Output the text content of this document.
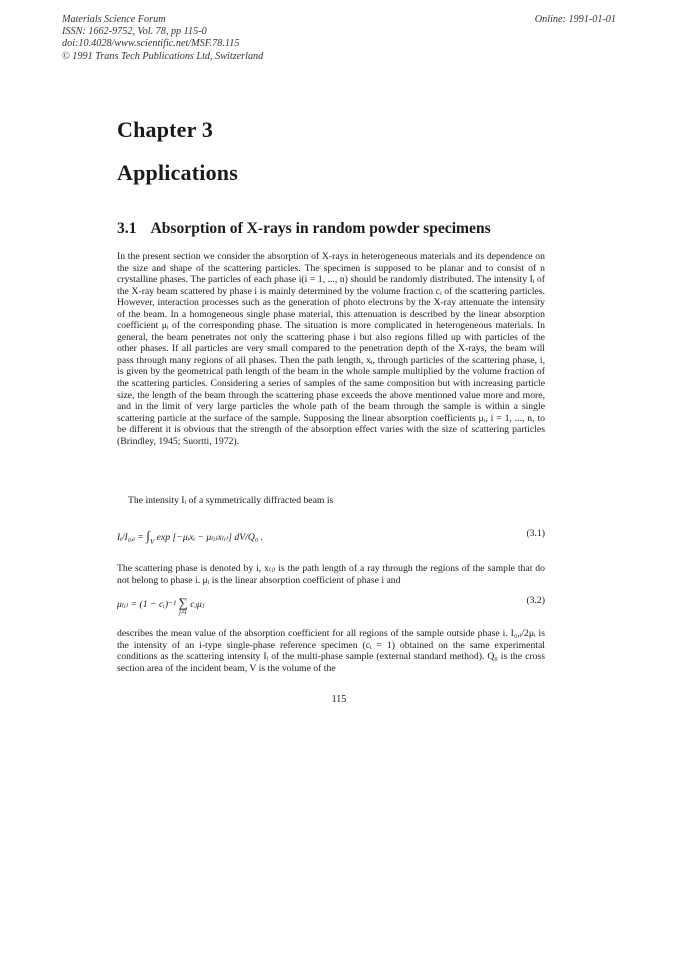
Materials Science Forum
ISSN: 1662-9752, Vol. 78, pp 115-0
doi:10.4028/www.scientific.net/MSF.78.115
© 1991 Trans Tech Publications Ltd, Switzerland
Online: 1991-01-01
Chapter 3
Applications
3.1 Absorption of X-rays in random powder specimens
In the present section we consider the absorption of X-rays in heterogeneous materials and its dependence on the size and shape of the scattering particles. The specimen is supposed to be planar and to consist of n crystalline phases. The particles of each phase i(i = 1, ..., n) should be randomly distributed. The intensity Iᵢ of the X-ray beam scattered by phase i is mainly determined by the volume fraction cᵢ of the scattering particles. However, interaction processes such as the generation of photo electrons by the X-ray attenuate the intensity of the beam. In a homogeneous single phase material, this attenuation is described by the linear absorption coefficient μᵢ of the corresponding phase. The situation is more complicated in heterogeneous materials. In general, the beam penetrates not only the scattering phase i but also regions filled up with particles of the other phases. If all particles are very small compared to the penetration depth of the X-rays, the beam will pass through many regions of all phases. Then the path length, xᵢ, through particles of the scattering phase, i, is given by the geometrical path length of the beam in the whole sample multiplied by the volume fraction of the scattering particles. Considering a series of samples of the same composition but with increasing particle size, the length of the beam through the scattering phase exceeds the above mentioned value more and more, and in the limit of very large particles the whole path of the beam through the sample is within a single scattering particle at the surface of the sample. Supposing the linear absorption coefficients μᵢ, i = 1, ..., n, to be different it is obvious that the strength of the absorption effect varies with the size of scattering particles (Brindley, 1945; Suortti, 1972).
The intensity Iᵢ of a symmetrically diffracted beam is
Iᵢ/I₀,ᵢ = $\int_V$ exp [−μᵢxᵢ − μ₍ᵢ₎x₍ᵢ₎] dV/Q₀ .	(3.1)
The scattering phase is denoted by i, x₍ᵢ₎ is the path length of a ray through the regions of the sample that do not belong to phase i. μᵢ is the linear absorption coefficient of phase i and
μ₍ᵢ₎ = (1 − cᵢ)⁻¹ ∑ cⱼμⱼ
j≠i
(3.2)
describes the mean value of the absorption coefficient for all regions of the sample outside phase i. I₀,ᵢ/2μᵢ is the intensity of an i-type single-phase reference specimen (cᵢ = 1) obtained on the same experimental conditions as the scattering intensity Iᵢ of the multi-phase sample (external standard method). Q₀ is the cross section area of the incident beam, V is the volume of the
115
